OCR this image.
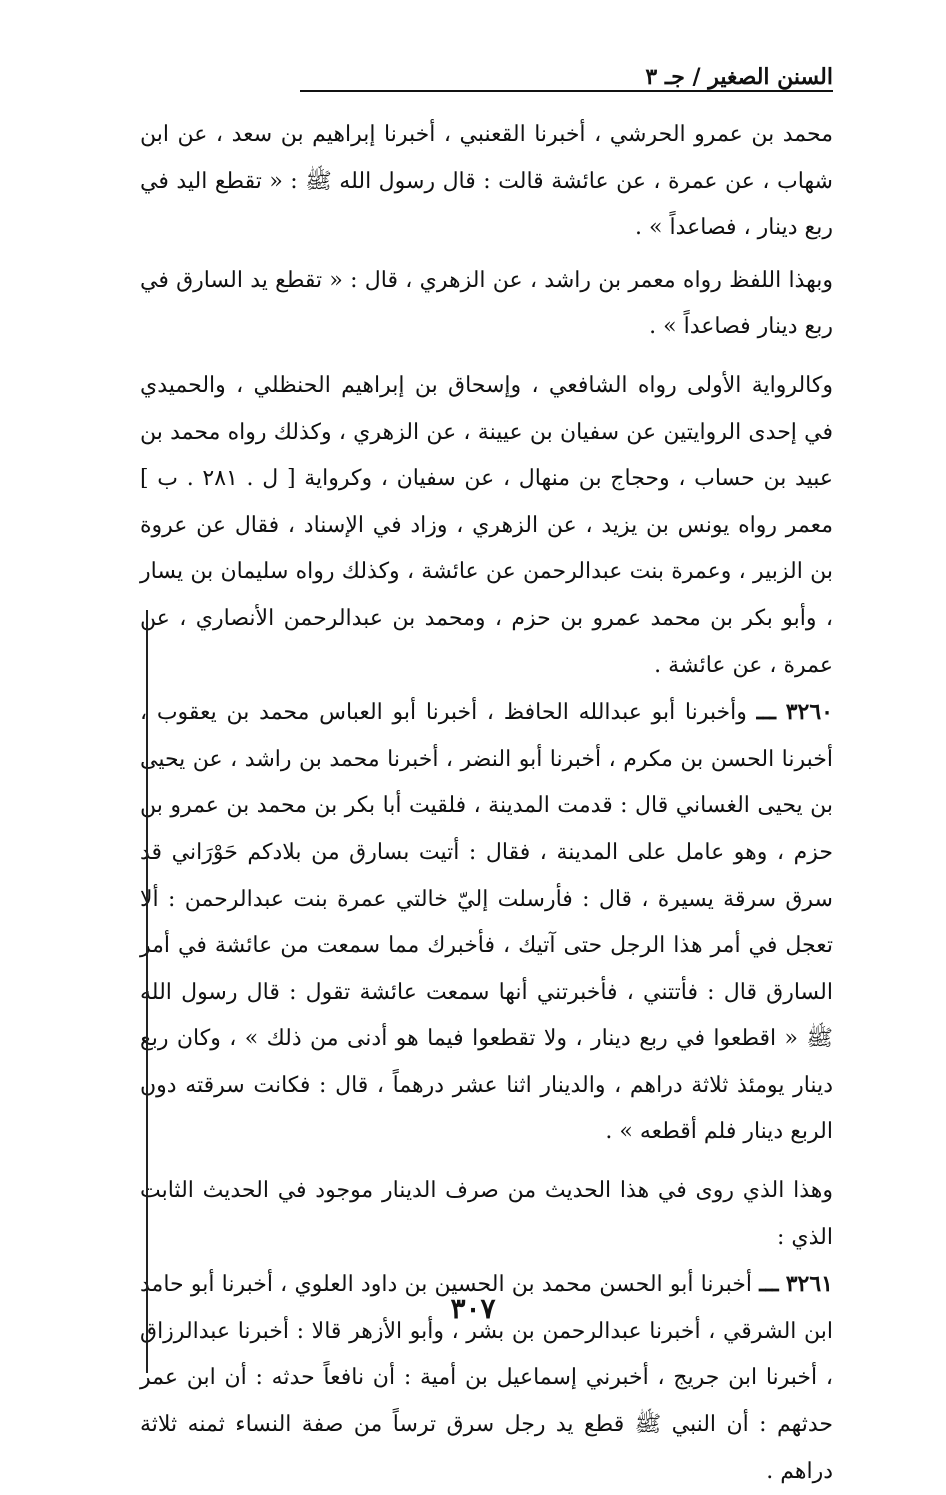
السنن الصغير / جـ ٣

محمد بن عمرو الحرشي ، أخبرنا القعنبي ، أخبرنا إبراهيم بن سعد ، عن ابن شهاب ، عن عمرة ، عن عائشة قالت : قال رسول الله ﷺ : « تقطع اليد في ربع دينار ، فصاعداً » .

وبهذا اللفظ رواه معمر بن راشد ، عن الزهري ، قال : « تقطع يد السارق في ربع دينار فصاعداً » .

وكالرواية الأولى رواه الشافعي ، وإسحاق بن إبراهيم الحنظلي ، والحميدي في إحدى الروايتين عن سفيان بن عيينة ، عن الزهري ، وكذلك رواه محمد بن عبيد بن حساب ، وحجاج بن منهال ، عن سفيان ، وكرواية [ ل . ٢٨١ . ب ] معمر رواه يونس بن يزيد ، عن الزهري ، وزاد في الإسناد ، فقال عن عروة بن الزبير ، وعمرة بنت عبدالرحمن عن عائشة ، وكذلك رواه سليمان بن يسار ، وأبو بكر بن محمد عمرو بن حزم ، ومحمد بن عبدالرحمن الأنصاري ، عن عمرة ، عن عائشة .

٣٢٦٠ ـــ وأخبرنا أبو عبدالله الحافظ ، أخبرنا أبو العباس محمد بن يعقوب ، أخبرنا الحسن بن مكرم ، أخبرنا أبو النضر ، أخبرنا محمد بن راشد ، عن يحيى بن يحيى الغساني قال : قدمت المدينة ، فلقيت أبا بكر بن محمد بن عمرو بن حزم ، وهو عامل على المدينة ، فقال : أتيت بسارق من بلادكم حَوْرَاني قد سرق سرقة يسيرة ، قال : فأرسلت إليّ خالتي عمرة بنت عبدالرحمن : ألا تعجل في أمر هذا الرجل حتى آتيك ، فأخبرك مما سمعت من عائشة في أمر السارق قال : فأتتني ، فأخبرتني أنها سمعت عائشة تقول : قال رسول الله ﷺ « اقطعوا في ربع دينار ، ولا تقطعوا فيما هو أدنى من ذلك » ، وكان ربع دينار يومئذ ثلاثة دراهم ، والدينار اثنا عشر درهماً ، قال : فكانت سرقته دون الربع دينار فلم أقطعه » .

وهذا الذي روى في هذا الحديث من صرف الدينار موجود في الحديث الثابت الذي :

٣٢٦١ ـــ أخبرنا أبو الحسن محمد بن الحسين بن داود العلوي ، أخبرنا أبو حامد ابن الشرقي ، أخبرنا عبدالرحمن بن بشر ، وأبو الأزهر قالا : أخبرنا عبدالرزاق ، أخبرنا ابن جريج ، أخبرني إسماعيل بن أمية : أن نافعاً حدثه : أن ابن عمر حدثهم : أن النبي ﷺ قطع يد رجل سرق ترساً من صفة النساء ثمنه ثلاثة دراهم .

٣٠٧
